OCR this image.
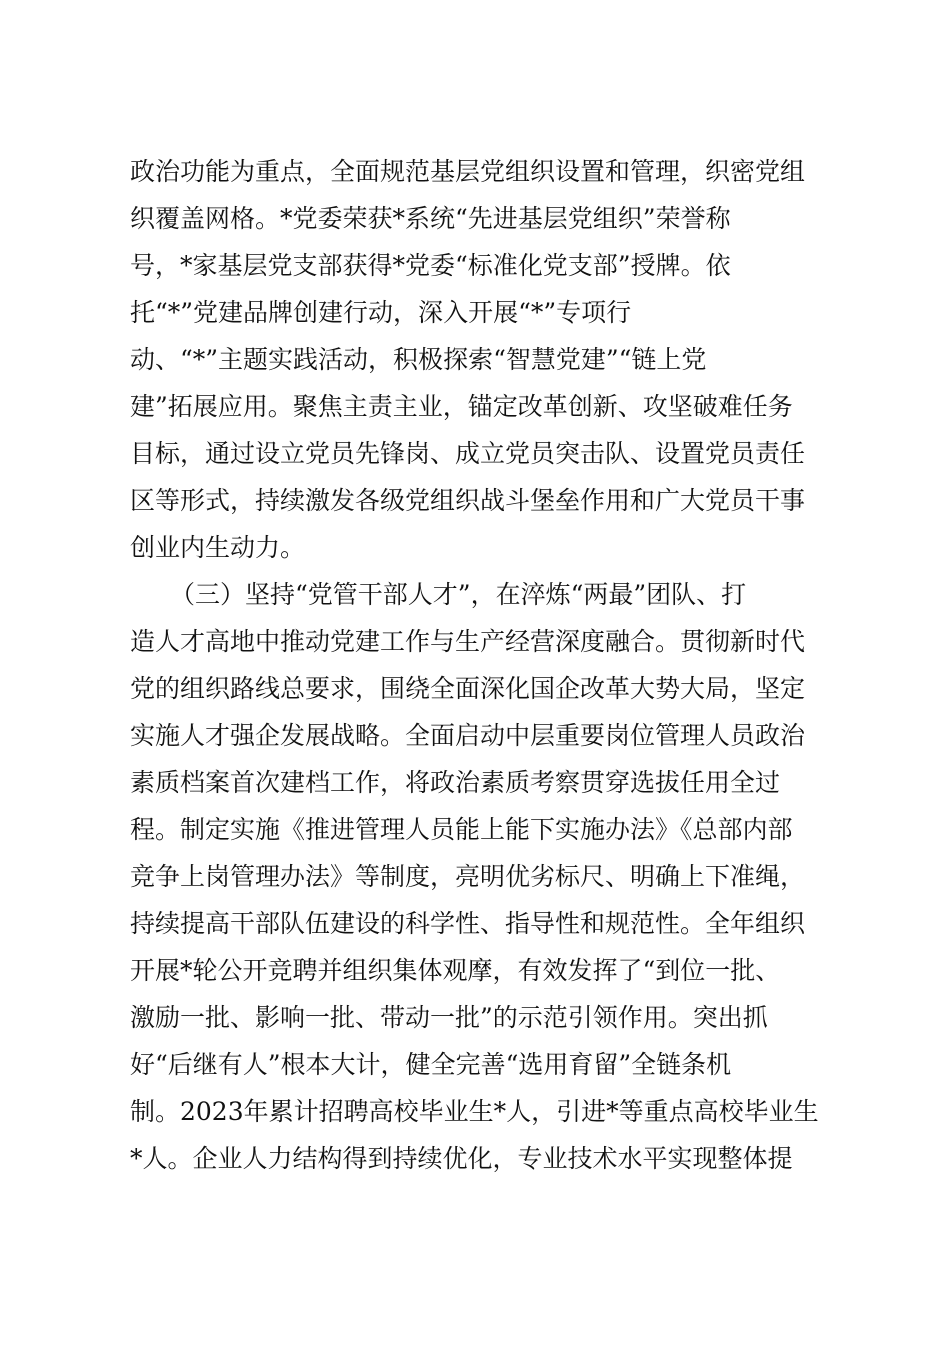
政治功能为重点，全面规范基层党组织设置和管理，织密党组
织覆盖网格。*党委荣获*系统“先进基层党组织”荣誉称
号，*家基层党支部获得*党委“标准化党支部”授牌。依
托“*”党建品牌创建行动，深入开展“*”专项行
动、“*”主题实践活动，积极探索“智慧党建”“链上党
建”拓展应用。聚焦主责主业，锚定改革创新、攻坚破难任务
目标，通过设立党员先锋岗、成立党员突击队、设置党员责任
区等形式，持续激发各级党组织战斗堡垒作用和广大党员干事
创业内生动力。
（三）坚持“党管干部人才”，在淬炼“两最”团队、打
造人才高地中推动党建工作与生产经营深度融合。贯彻新时代
党的组织路线总要求，围绕全面深化国企改革大势大局，坚定
实施人才强企发展战略。全面启动中层重要岗位管理人员政治
素质档案首次建档工作，将政治素质考察贯穿选拔任用全过
程。制定实施《推进管理人员能上能下实施办法》《总部内部
竞争上岗管理办法》等制度，亮明优劣标尺、明确上下准绳，
持续提高干部队伍建设的科学性、指导性和规范性。全年组织
开展*轮公开竞聘并组织集体观摩，有效发挥了“到位一批、
激励一批、影响一批、带动一批”的示范引领作用。突出抓
好“后继有人”根本大计，健全完善“选用育留”全链条机
制。2023年累计招聘高校毕业生*人，引进*等重点高校毕业生
*人。企业人力结构得到持续优化，专业技术水平实现整体提
